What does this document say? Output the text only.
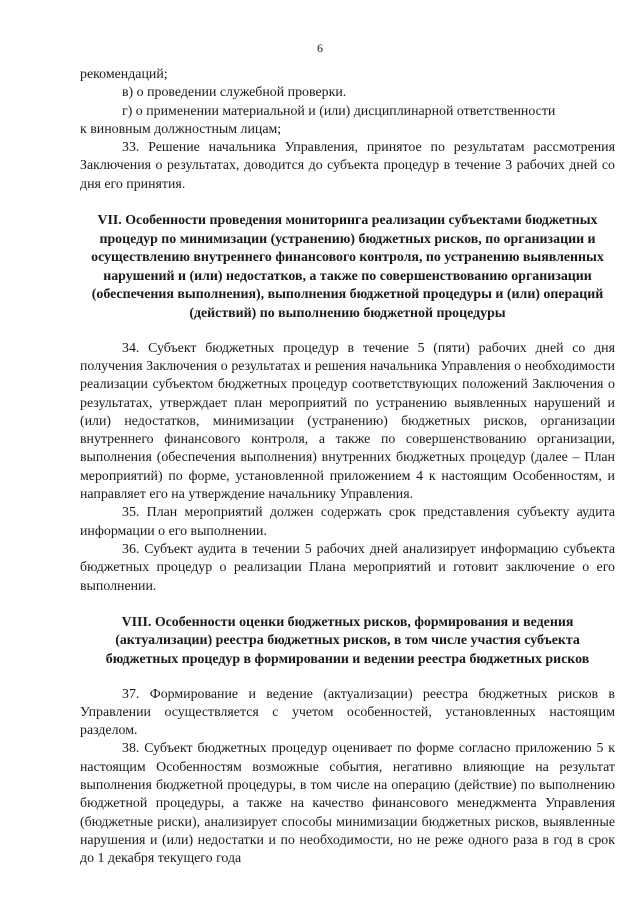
6

рекомендаций;

в) о проведении служебной проверки.

г) о применении материальной и (или) дисциплинарной ответственности

к виновным должностным лицам;

33. Решение начальника Управления, принятое по результатам рассмотрения Заключения о результатах, доводится до субъекта процедур в течение 3 рабочих дней со дня его принятия.

VII. Особенности проведения мониторинга реализации субъектами бюджетных процедур по минимизации (устранению) бюджетных рисков, по организации и осуществлению внутреннего финансового контроля, по устранению выявленных нарушений и (или) недостатков, а также по совершенствованию организации (обеспечения выполнения), выполнения бюджетной процедуры и (или) операций (действий) по выполнению бюджетной процедуры

34. Субъект бюджетных процедур в течение 5 (пяти) рабочих дней со дня получения Заключения о результатах и решения начальника Управления о необходимости реализации субъектом бюджетных процедур соответствующих положений Заключения о результатах, утверждает план мероприятий по устранению выявленных нарушений и (или) недостатков, минимизации (устранению) бюджетных рисков, организации внутреннего финансового контроля, а также по совершенствованию организации, выполнения (обеспечения выполнения) внутренних бюджетных процедур (далее – План мероприятий) по форме, установленной приложением 4 к настоящим Особенностям, и направляет его на утверждение начальнику Управления.

35. План мероприятий должен содержать срок представления субъекту аудита информации о его выполнении.

36. Субъект аудита в течении 5 рабочих дней анализирует информацию субъекта бюджетных процедур о реализации Плана мероприятий и готовит заключение о его выполнении.

VIII. Особенности оценки бюджетных рисков, формирования и ведения (актуализации) реестра бюджетных рисков, в том числе участия субъекта бюджетных процедур в формировании и ведении реестра бюджетных рисков

37. Формирование и ведение (актуализации) реестра бюджетных рисков в Управлении осуществляется с учетом особенностей, установленных настоящим разделом.

38. Субъект бюджетных процедур оценивает по форме согласно приложению 5 к настоящим Особенностям возможные события, негативно влияющие на результат выполнения бюджетной процедуры, в том числе на операцию (действие) по выполнению бюджетной процедуры, а также на качество финансового менеджмента Управления (бюджетные риски), анализирует способы минимизации бюджетных рисков, выявленные нарушения и (или) недостатки и по необходимости, но не реже одного раза в год в срок до 1 декабря текущего года
